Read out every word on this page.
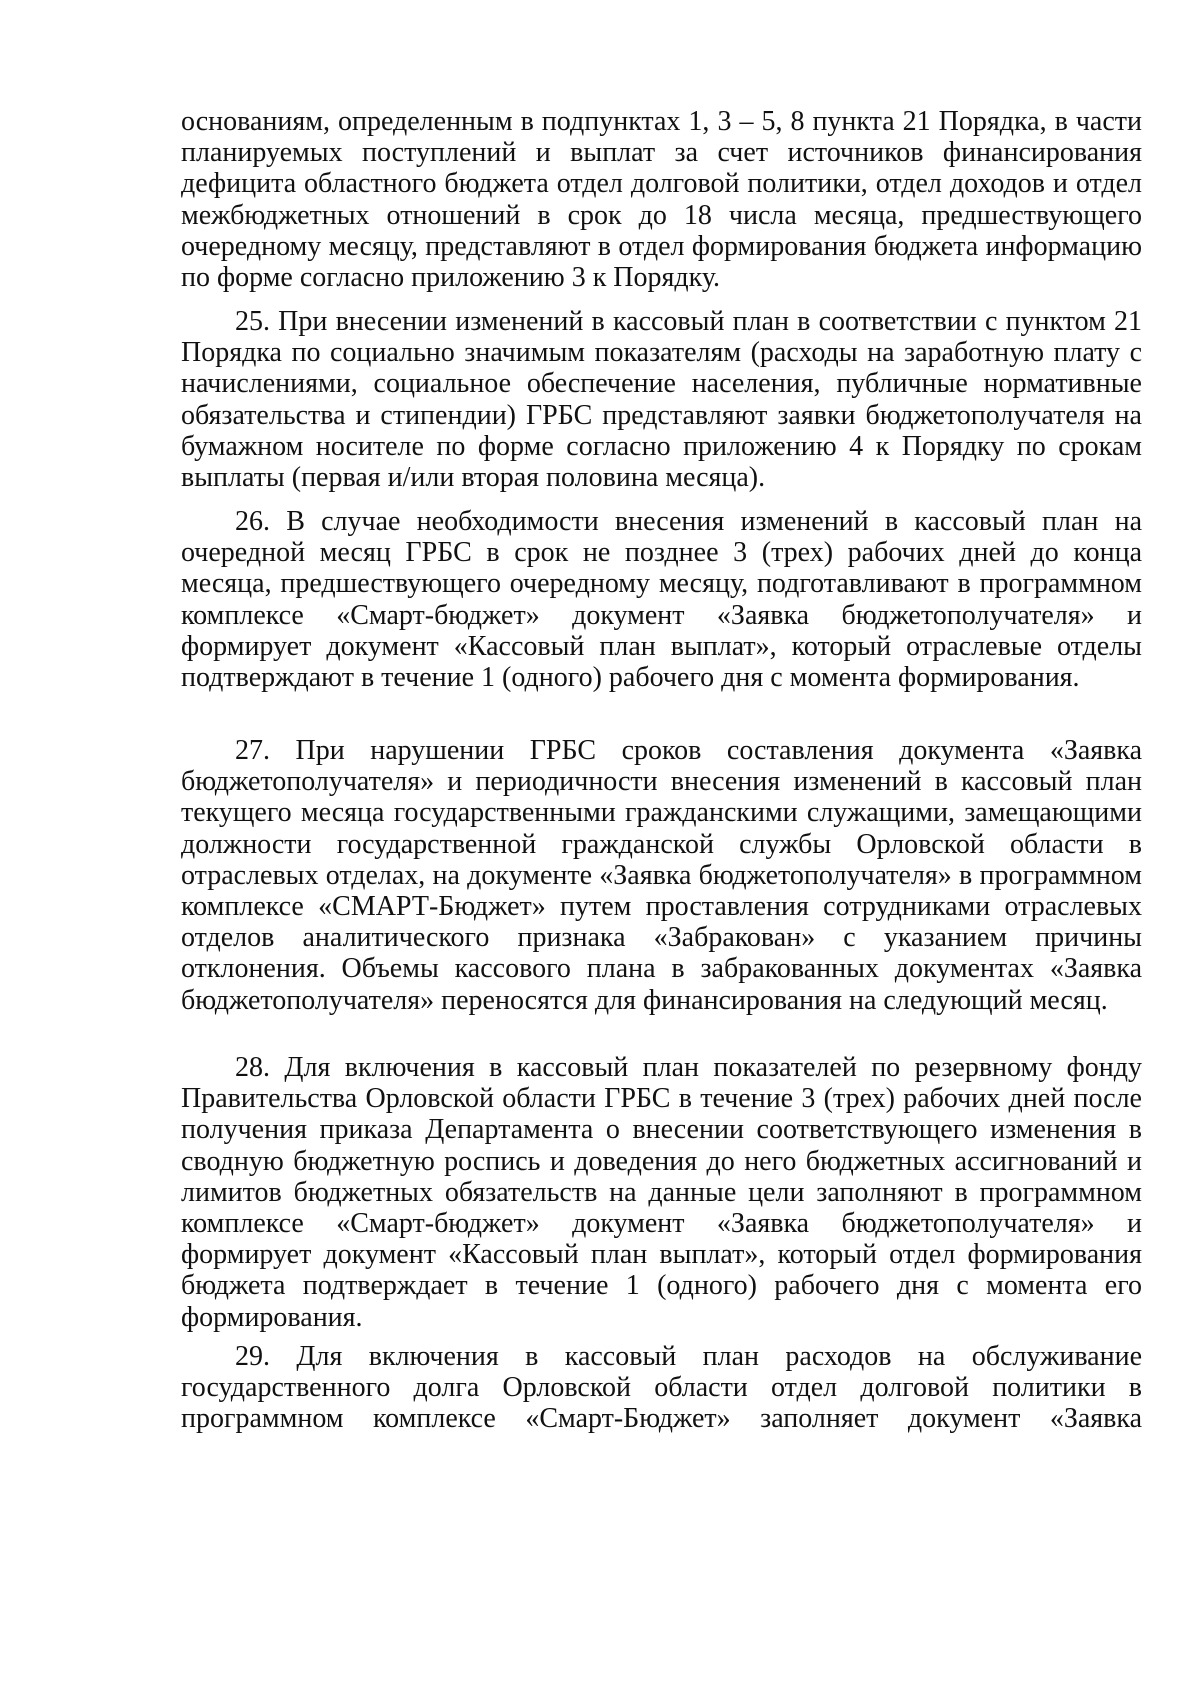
основаниям, определенным в подпунктах 1, 3 – 5, 8 пункта 21 Порядка, в части планируемых поступлений и выплат за счет источников финансирования дефицита областного бюджета отдел долговой политики, отдел доходов и отдел межбюджетных отношений в срок до 18 числа месяца, предшествующего очередному месяцу, представляют в отдел формирования бюджета информацию по форме согласно приложению 3 к Порядку.

25. При внесении изменений в кассовый план в соответствии с пунктом 21 Порядка по социально значимым показателям (расходы на заработную плату с начислениями, социальное обеспечение населения, публичные нормативные обязательства и стипендии) ГРБС представляют заявки бюджетополучателя на бумажном носителе по форме согласно приложению 4 к Порядку по срокам выплаты (первая и/или вторая половина месяца).

26. В случае необходимости внесения изменений в кассовый план на очередной месяц ГРБС в срок не позднее 3 (трех) рабочих дней до конца месяца, предшествующего очередному месяцу, подготавливают в программном комплексе «Смарт-бюджет» документ «Заявка бюджетополучателя» и формирует документ «Кассовый план выплат», который отраслевые отделы подтверждают в течение 1 (одного) рабочего дня с момента формирования.

27. При нарушении ГРБС сроков составления документа «Заявка бюджетополучателя» и периодичности внесения изменений в кассовый план текущего месяца государственными гражданскими служащими, замещающими должности государственной гражданской службы Орловской области в отраслевых отделах, на документе «Заявка бюджетополучателя» в программном комплексе «СМАРТ-Бюджет» путем проставления сотрудниками отраслевых отделов аналитического признака «Забракован» с указанием причины отклонения. Объемы кассового плана в забракованных документах «Заявка бюджетополучателя» переносятся для финансирования на следующий месяц.

28. Для включения в кассовый план показателей по резервному фонду Правительства Орловской области ГРБС в течение 3 (трех) рабочих дней после получения приказа Департамента о внесении соответствующего изменения в сводную бюджетную роспись и доведения до него бюджетных ассигнований и лимитов бюджетных обязательств на данные цели заполняют в программном комплексе «Смарт-бюджет» документ «Заявка бюджетополучателя» и формирует документ «Кассовый план выплат», который отдел формирования бюджета подтверждает в течение 1 (одного) рабочего дня с момента его формирования.

29. Для включения в кассовый план расходов на обслуживание государственного долга Орловской области отдел долговой политики в программном комплексе «Смарт-Бюджет» заполняет документ «Заявка
